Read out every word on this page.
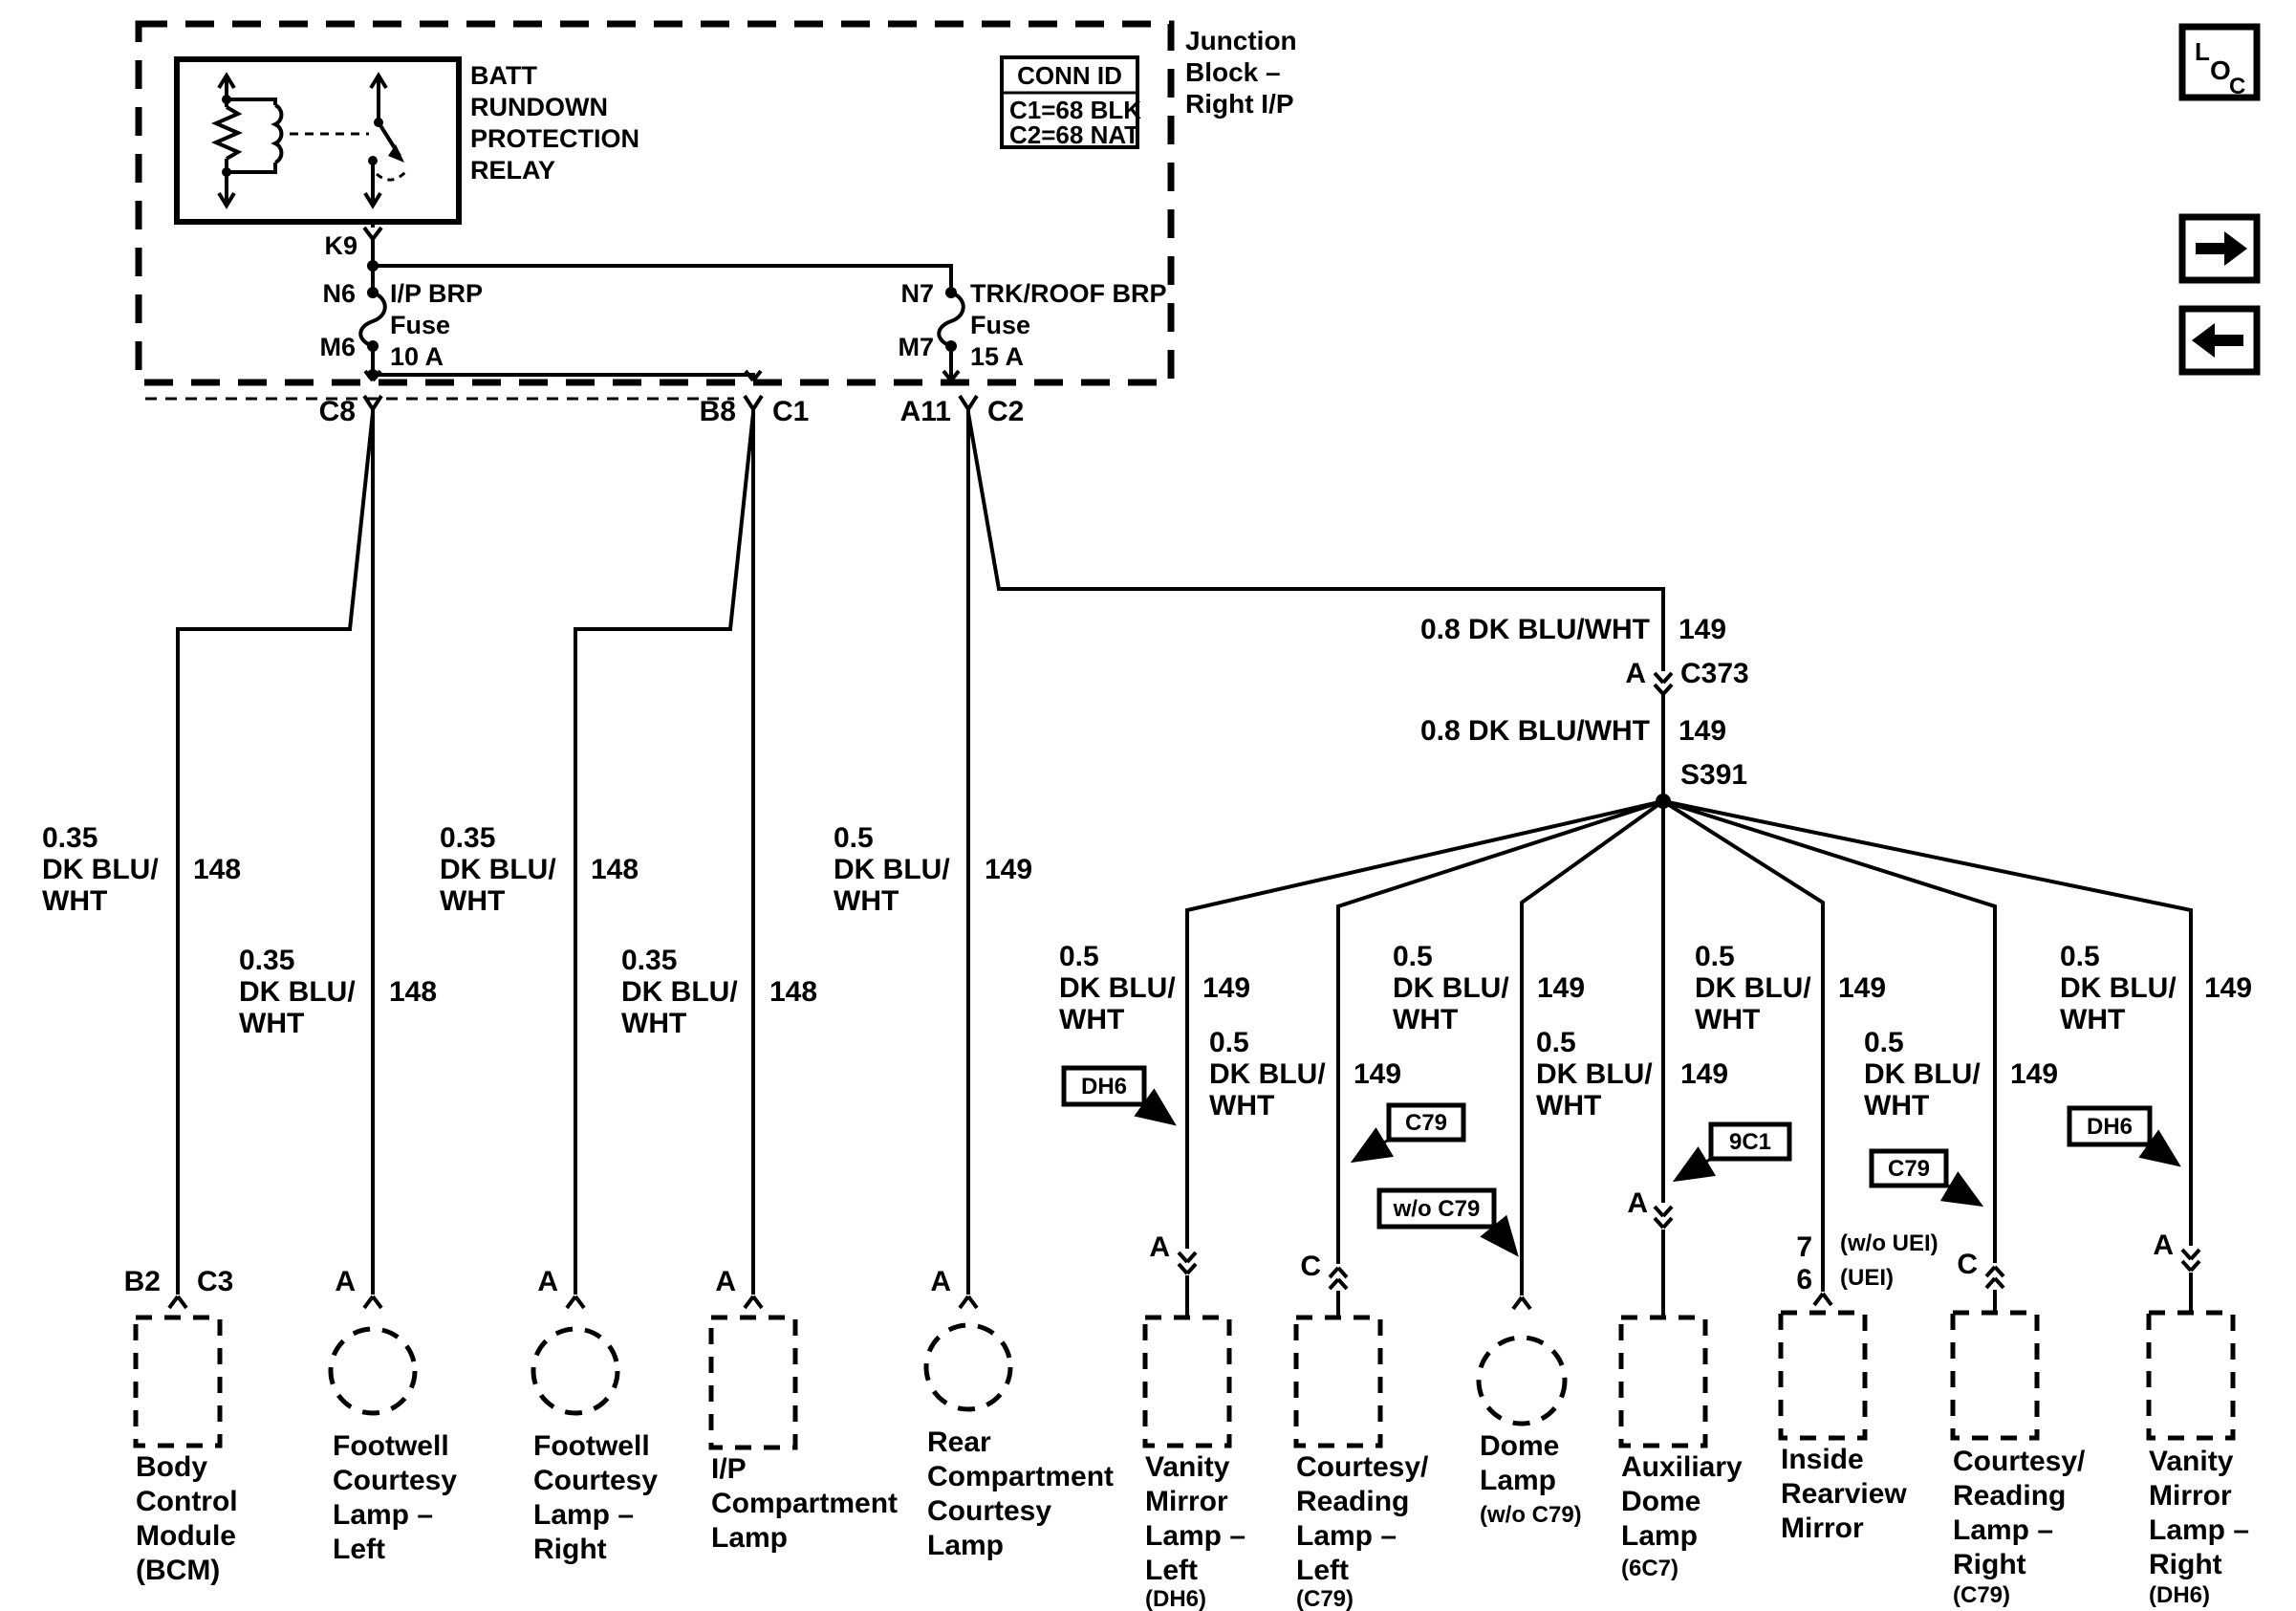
BATT
RUNDOWN
PROTECTION
RELAY
CONN ID
C1=68 BLK
C2=68 NAT
Junction
Block –
Right I/P
K9
N6
M6
I/P BRP
Fuse
10 A
N7
M7
TRK/ROOF BRP
Fuse
15 A
C8	B8 C1	A11 C2
0.8 DK BLU/WHT 149
A C373
0.8 DK BLU/WHT 149
S391
0.35
DK BLU/
WHT
148
B2 C3
Body
Control
Module
(BCM)
0.35
DK BLU/
WHT
148
A
Footwell
Courtesy
Lamp –
Left
0.35
DK BLU/
WHT
148
A
Footwell
Courtesy
Lamp –
Right
0.35
DK BLU/
WHT
148
A
I/P
Compartment
Lamp
0.5
DK BLU/
WHT
149
A
Rear
Compartment
Courtesy
Lamp
0.5
DK BLU/
WHT
149
DH6
A
Vanity
Mirror
Lamp –
Left
(DH6)
0.5
DK BLU/
WHT
149
C79
C
Courtesy/
Reading
Lamp –
Left
(C79)
0.5
DK BLU/
WHT
149
w/o C79
Dome
Lamp
(w/o C79)
0.5
DK BLU/
WHT
149
9C1
A
Auxiliary
Dome
Lamp
(6C7)
0.5
DK BLU/
WHT
149
7
6
(w/o UEI)
(UEI)
Inside
Rearview
Mirror
0.5
DK BLU/
WHT
149
C79
C
Courtesy/
Reading
Lamp –
Right
(C79)
0.5
DK BLU/
WHT
149
DH6
A
Vanity
Mirror
Lamp –
Right
(DH6)
L
O
C
